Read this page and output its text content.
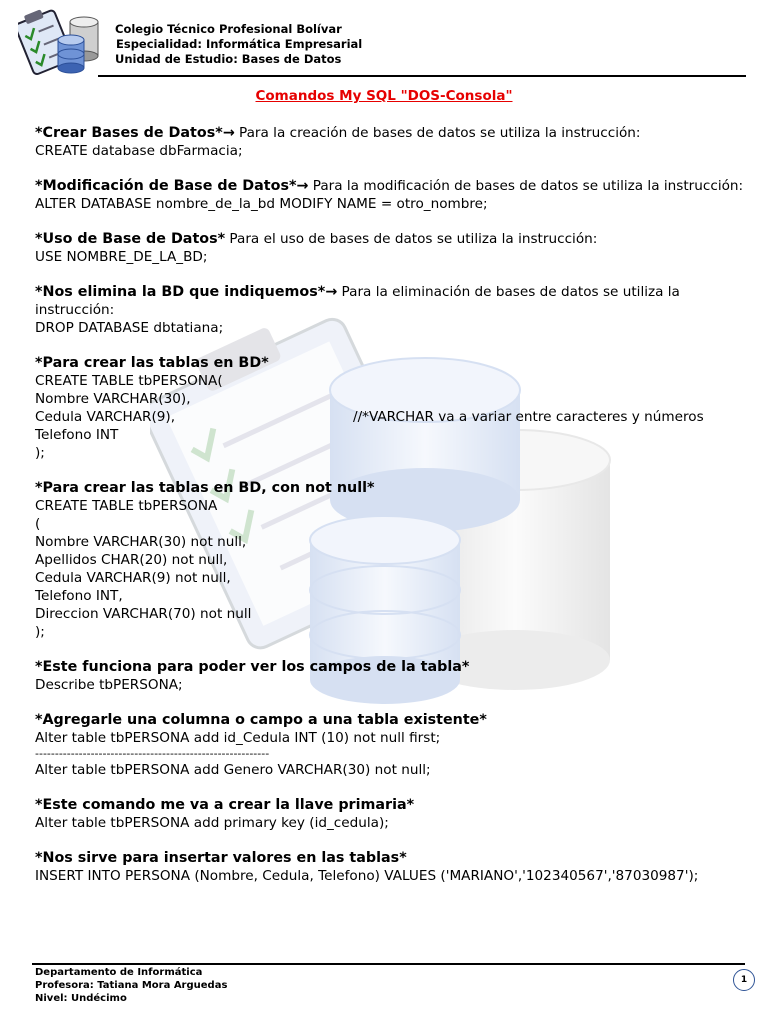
Colegio Técnico Profesional Bolívar
Especialidad: Informática Empresarial
Unidad de Estudio: Bases de Datos
Comandos My SQL "DOS-Consola"
*Crear Bases de Datos*→ Para la creación de bases de datos se utiliza la instrucción:
CREATE database dbFarmacia;
*Modificación de Base de Datos*→ Para la modificación de bases de datos se utiliza la instrucción:
ALTER DATABASE nombre_de_la_bd MODIFY NAME = otro_nombre;
*Uso de Base de Datos* Para el uso de bases de datos se utiliza la instrucción:
USE NOMBRE_DE_LA_BD;
*Nos elimina la BD que indiquemos*→ Para la eliminación de bases de datos se utiliza la
instrucción:
DROP DATABASE dbtatiana;
*Para crear las tablas en BD*
CREATE TABLE tbPERSONA(
Nombre VARCHAR(30),
Cedula VARCHAR(9),	//*VARCHAR va a variar entre caracteres y números
Telefono INT
);
*Para crear las tablas en BD, con not null*
CREATE TABLE tbPERSONA
(
Nombre VARCHAR(30) not null,
Apellidos CHAR(20) not null,
Cedula VARCHAR(9) not null,
Telefono INT,
Direccion VARCHAR(70) not null
);
*Este funciona para poder ver los campos de la tabla*
Describe tbPERSONA;
*Agregarle una columna o campo a una tabla existente*
Alter table tbPERSONA add id_Cedula INT (10) not null first;
-----------------------------------------------------------
Alter table tbPERSONA add Genero VARCHAR(30) not null;
*Este comando me va a crear la llave primaria*
Alter table tbPERSONA add primary key (id_cedula);
*Nos sirve para insertar valores en las tablas*
INSERT INTO PERSONA (Nombre, Cedula, Telefono) VALUES ('MARIANO','102340567','87030987');
Departamento de Informática
Profesora: Tatiana Mora Arguedas
Nivel: Undécimo
1
